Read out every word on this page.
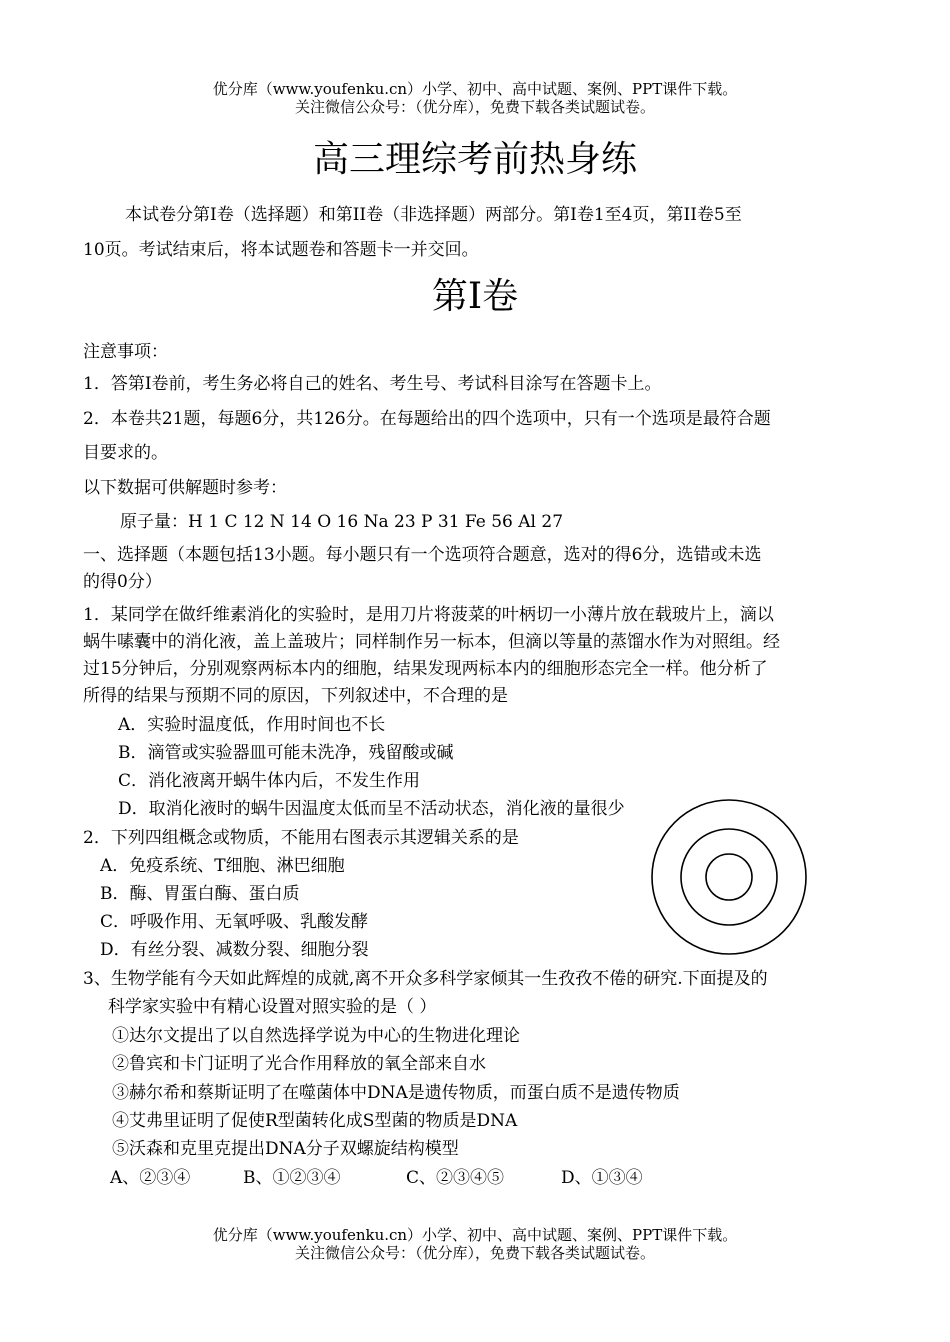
优分库（www.youfenku.cn）小学、初中、高中试题、案例、PPT课件下载。
关注微信公众号：（优分库），免费下载各类试题试卷。
高三理综考前热身练
本试卷分第Ⅰ卷（选择题）和第II卷（非选择题）两部分。第Ⅰ卷1至4页，第II卷5至
10页。考试结束后，将本试题卷和答题卡一并交回。
第Ⅰ卷
注意事项：
1．答第Ⅰ卷前，考生务必将自己的姓名、考生号、考试科目涂写在答题卡上。
2．本卷共21题，每题6分，共126分。在每题给出的四个选项中，只有一个选项是最符合题
目要求的。
以下数据可供解题时参考：
原子量：H 1 C 12 N 14 O 16 Na 23 P 31 Fe 56 Al 27
一、选择题（本题包括13小题。每小题只有一个选项符合题意，选对的得6分，选错或未选
的得0分）
1．某同学在做纤维素消化的实验时，是用刀片将菠菜的叶柄切一小薄片放在载玻片上，滴以
蜗牛嗉囊中的消化液，盖上盖玻片；同样制作另一标本，但滴以等量的蒸馏水作为对照组。经
过15分钟后，分别观察两标本内的细胞，结果发现两标本内的细胞形态完全一样。他分析了
所得的结果与预期不同的原因，下列叙述中，不合理的是
A．实验时温度低，作用时间也不长
B．滴管或实验器皿可能未洗净，残留酸或碱
C．消化液离开蜗牛体内后，不发生作用
D．取消化液时的蜗牛因温度太低而呈不活动状态，消化液的量很少
2．下列四组概念或物质，不能用右图表示其逻辑关系的是
A．免疫系统、T细胞、淋巴细胞
B．酶、胃蛋白酶、蛋白质
C．呼吸作用、无氧呼吸、乳酸发酵
D．有丝分裂、减数分裂、细胞分裂
3、生物学能有今天如此辉煌的成就,离不开众多科学家倾其一生孜孜不倦的研究.下面提及的
科学家实验中有精心设置对照实验的是（ ）
①达尔文提出了以自然选择学说为中心的生物进化理论
②鲁宾和卡门证明了光合作用释放的氧全部来自水
③赫尔希和蔡斯证明了在噬菌体中DNA是遗传物质，而蛋白质不是遗传物质
④艾弗里证明了促使R型菌转化成S型菌的物质是DNA
⑤沃森和克里克提出DNA分子双螺旋结构模型
A、②③④	B、①②③④	C、②③④⑤	D、①③④
优分库（www.youfenku.cn）小学、初中、高中试题、案例、PPT课件下载。
关注微信公众号：（优分库），免费下载各类试题试卷。
